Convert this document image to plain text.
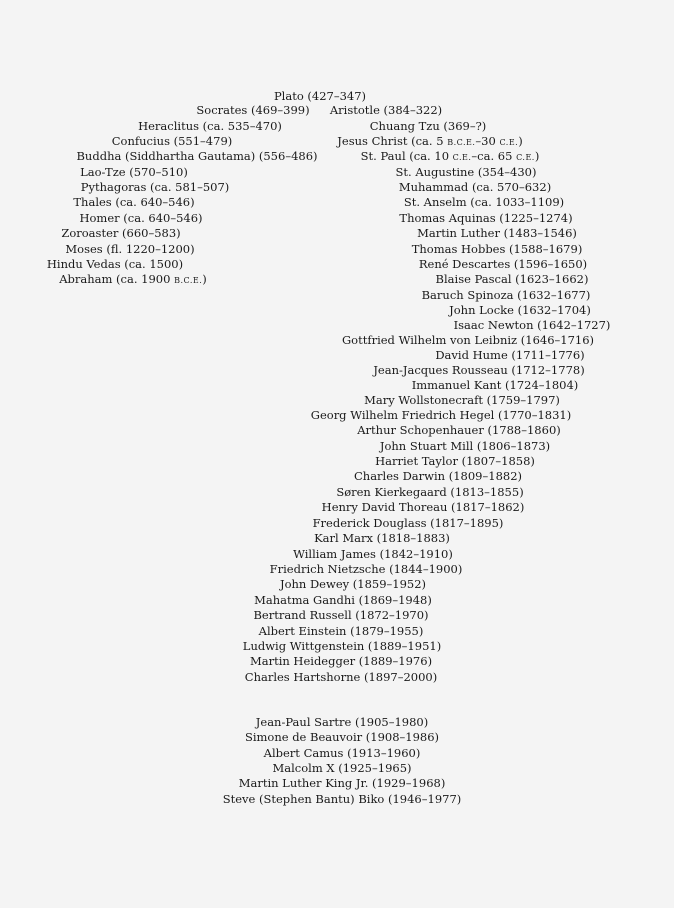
Plato (427–347)
Socrates (469–399)
Heraclitus (ca. 535–470)
Confucius (551–479)
Buddha (Siddhartha Gautama) (556–486)
Lao-Tze (570–510)
Pythagoras (ca. 581–507)
Thales (ca. 640–546)
Homer (ca. 640–546)
Zoroaster (660–583)
Moses (fl. 1220–1200)
Hindu Vedas (ca. 1500)
Abraham (ca. 1900 B.C.E.)
Aristotle (384–322)
Chuang Tzu (369–?)
Jesus Christ (ca. 5 B.C.E.–30 C.E.)
St. Paul (ca. 10 C.E.–ca. 65 C.E.)
St. Augustine (354–430)
Muhammad (ca. 570–632)
St. Anselm (ca. 1033–1109)
Thomas Aquinas (1225–1274)
Martin Luther (1483–1546)
Thomas Hobbes (1588–1679)
René Descartes (1596–1650)
Blaise Pascal (1623–1662)
Baruch Spinoza (1632–1677)
John Locke (1632–1704)
Isaac Newton (1642–1727)
Gottfried Wilhelm von Leibniz (1646–1716)
David Hume (1711–1776)
Jean-Jacques Rousseau (1712–1778)
Immanuel Kant (1724–1804)
Mary Wollstonecraft (1759–1797)
Georg Wilhelm Friedrich Hegel (1770–1831)
Arthur Schopenhauer (1788–1860)
John Stuart Mill (1806–1873)
Harriet Taylor (1807–1858)
Charles Darwin (1809–1882)
Søren Kierkegaard (1813–1855)
Henry David Thoreau (1817–1862)
Frederick Douglass (1817–1895)
Karl Marx (1818–1883)
William James (1842–1910)
Friedrich Nietzsche (1844–1900)
John Dewey (1859–1952)
Mahatma Gandhi (1869–1948)
Bertrand Russell (1872–1970)
Albert Einstein (1879–1955)
Ludwig Wittgenstein (1889–1951)
Martin Heidegger (1889–1976)
Charles Hartshorne (1897–2000)
Jean-Paul Sartre (1905–1980)
Simone de Beauvoir (1908–1986)
Albert Camus (1913–1960)
Malcolm X (1925–1965)
Martin Luther King Jr. (1929–1968)
Steve (Stephen Bantu) Biko (1946–1977)
